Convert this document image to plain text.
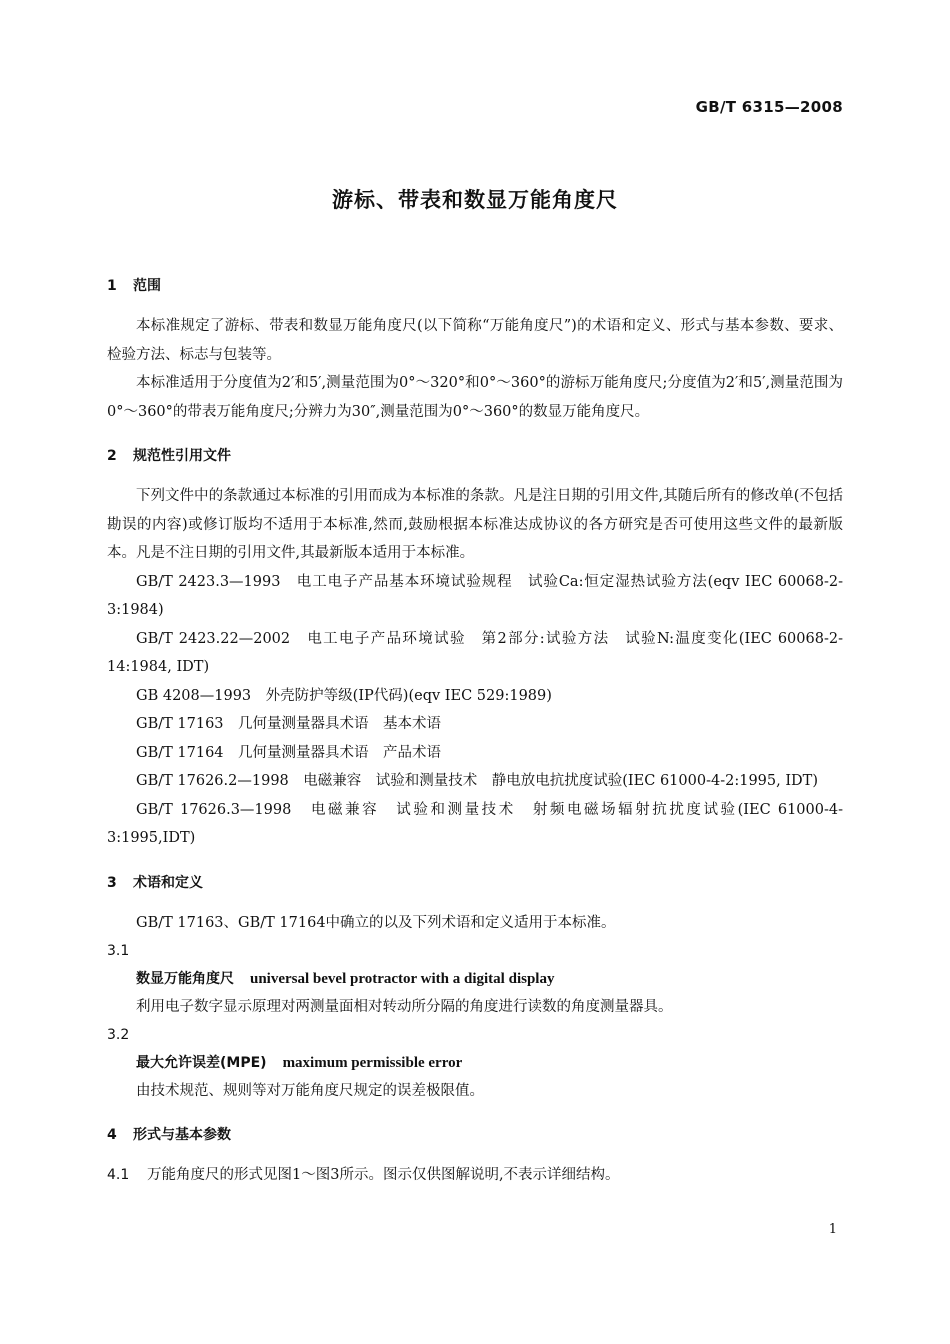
GB/T 6315—2008
游标、带表和数显万能角度尺
1 范围

本标准规定了游标、带表和数显万能角度尺(以下简称“万能角度尺”)的术语和定义、形式与基本参数、要求、检验方法、标志与包装等。

本标准适用于分度值为2′和5′,测量范围为0°～320°和0°～360°的游标万能角度尺;分度值为2′和5′,测量范围为0°～360°的带表万能角度尺;分辨力为30″,测量范围为0°～360°的数显万能角度尺。

2 规范性引用文件

下列文件中的条款通过本标准的引用而成为本标准的条款。凡是注日期的引用文件,其随后所有的修改单(不包括勘误的内容)或修订版均不适用于本标准,然而,鼓励根据本标准达成协议的各方研究是否可使用这些文件的最新版本。凡是不注日期的引用文件,其最新版本适用于本标准。

GB/T 2423.3—1993　 电工电子产品基本环境试验规程　试验Ca:恒定湿热试验方法(eqv IEC 60068-2-3:1984)

GB/T 2423.22—2002　 电工电子产品环境试验　第2部分:试验方法　试验N:温度变化(IEC 60068-2-14:1984, IDT)

GB 4208—1993　 外壳防护等级(IP代码)(eqv IEC 529:1989)

GB/T 17163　 几何量测量器具术语　基本术语

GB/T 17164　 几何量测量器具术语　产品术语

GB/T 17626.2—1998　 电磁兼容　试验和测量技术　静电放电抗扰度试验(IEC 61000-4-2:1995, IDT)

GB/T 17626.3—1998　 电磁兼容　试验和测量技术　射频电磁场辐射抗扰度试验(IEC 61000-4-3:1995,IDT)

3 术语和定义

GB/T 17163、GB/T 17164中确立的以及下列术语和定义适用于本标准。

3.1
数显万能角度尺 universal bevel protractor with a digital display
利用电子数字显示原理对两测量面相对转动所分隔的角度进行读数的角度测量器具。
3.2
最大允许误差(MPE) maximum permissible error
由技术规范、规则等对万能角度尺规定的误差极限值。
4 形式与基本参数
4.1 万能角度尺的形式见图1～图3所示。图示仅供图解说明,不表示详细结构。
1
